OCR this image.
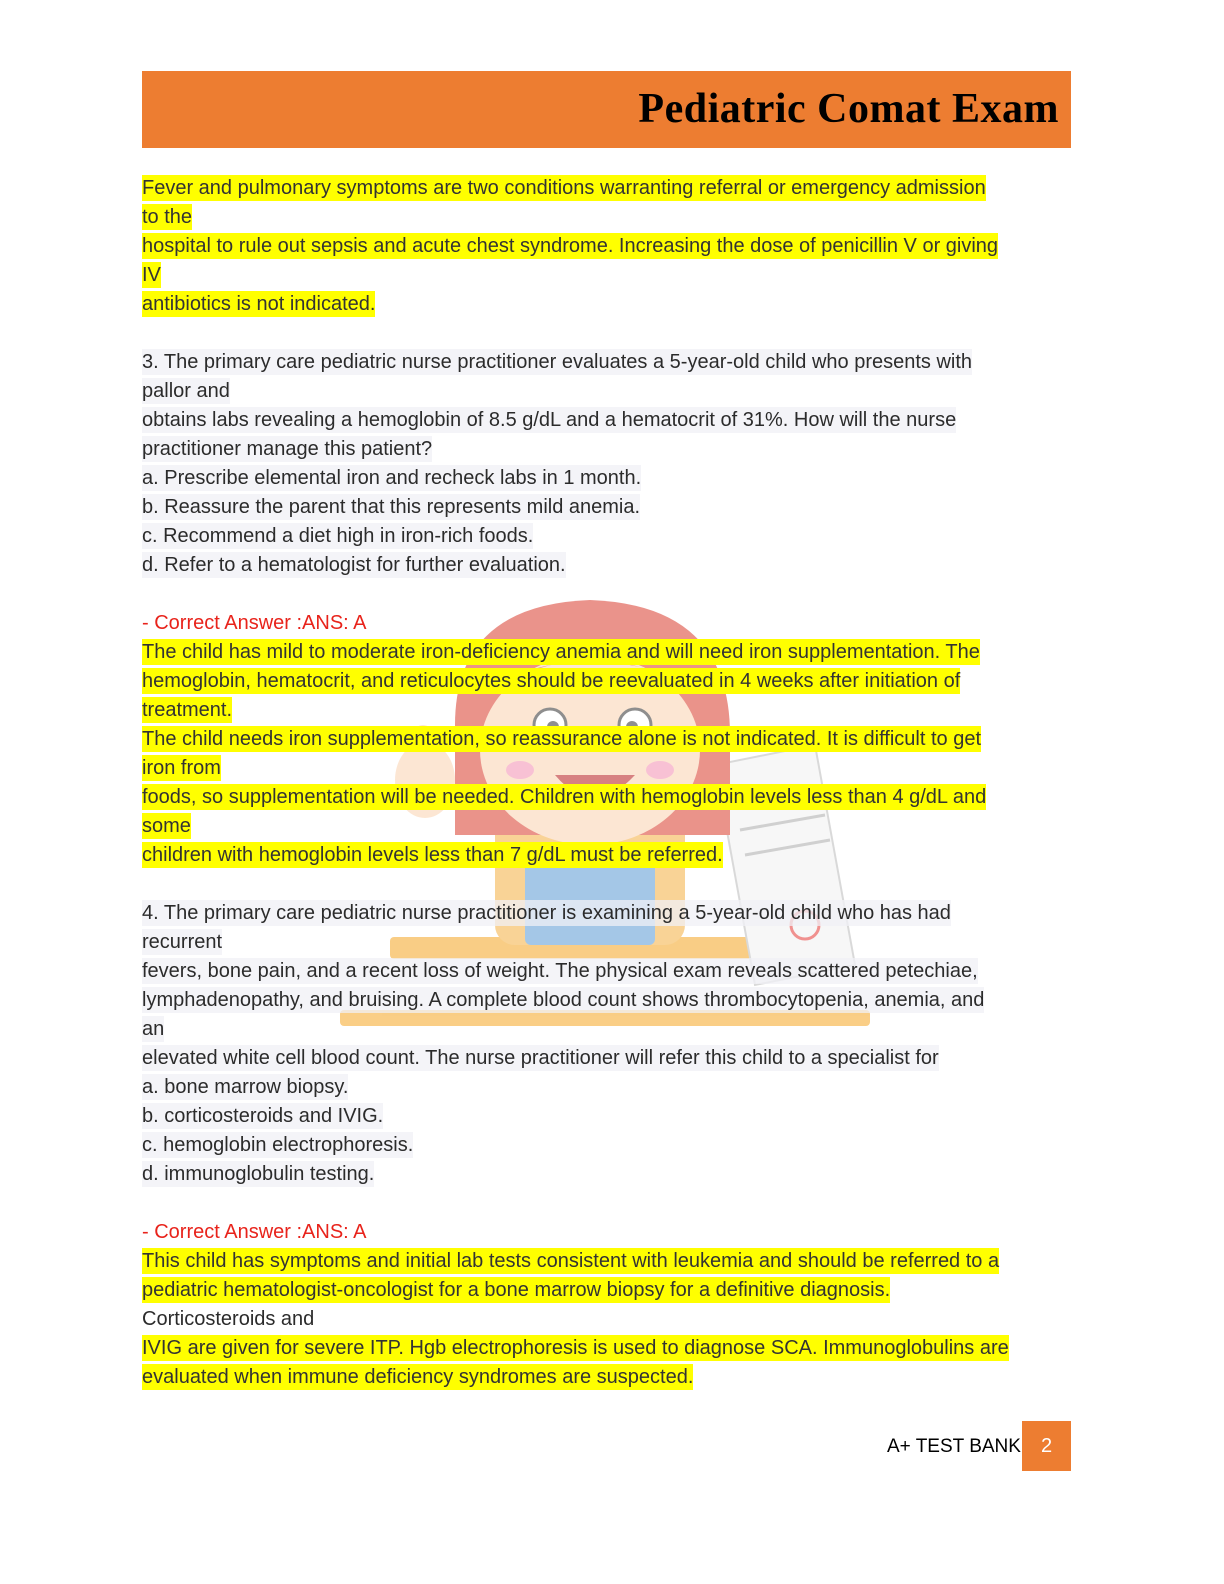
Pediatric Comat Exam
Fever and pulmonary symptoms are two conditions warranting referral or emergency admission
to the
hospital to rule out sepsis and acute chest syndrome. Increasing the dose of penicillin V or giving
IV
antibiotics is not indicated.
3. The primary care pediatric nurse practitioner evaluates a 5-year-old child who presents with
pallor and
obtains labs revealing a hemoglobin of 8.5 g/dL and a hematocrit of 31%. How will the nurse
practitioner manage this patient?
a. Prescribe elemental iron and recheck labs in 1 month.
b. Reassure the parent that this represents mild anemia.
c. Recommend a diet high in iron-rich foods.
d. Refer to a hematologist for further evaluation.
- Correct Answer :ANS: A
The child has mild to moderate iron-deficiency anemia and will need iron supplementation. The
hemoglobin, hematocrit, and reticulocytes should be reevaluated in 4 weeks after initiation of
treatment.
The child needs iron supplementation, so reassurance alone is not indicated. It is difficult to get
iron from
foods, so supplementation will be needed. Children with hemoglobin levels less than 4 g/dL and
some
children with hemoglobin levels less than 7 g/dL must be referred.
4. The primary care pediatric nurse practitioner is examining a 5-year-old child who has had
recurrent
fevers, bone pain, and a recent loss of weight. The physical exam reveals scattered petechiae,
lymphadenopathy, and bruising. A complete blood count shows thrombocytopenia, anemia, and
an
elevated white cell blood count. The nurse practitioner will refer this child to a specialist for
a. bone marrow biopsy.
b. corticosteroids and IVIG.
c. hemoglobin electrophoresis.
d. immunoglobulin testing.
- Correct Answer :ANS: A
This child has symptoms and initial lab tests consistent with leukemia and should be referred to a
pediatric hematologist-oncologist for a bone marrow biopsy for a definitive diagnosis.
Corticosteroids and
IVIG are given for severe ITP. Hgb electrophoresis is used to diagnose SCA. Immunoglobulins are
evaluated when immune deficiency syndromes are suspected.
A+ TEST BANK	2
